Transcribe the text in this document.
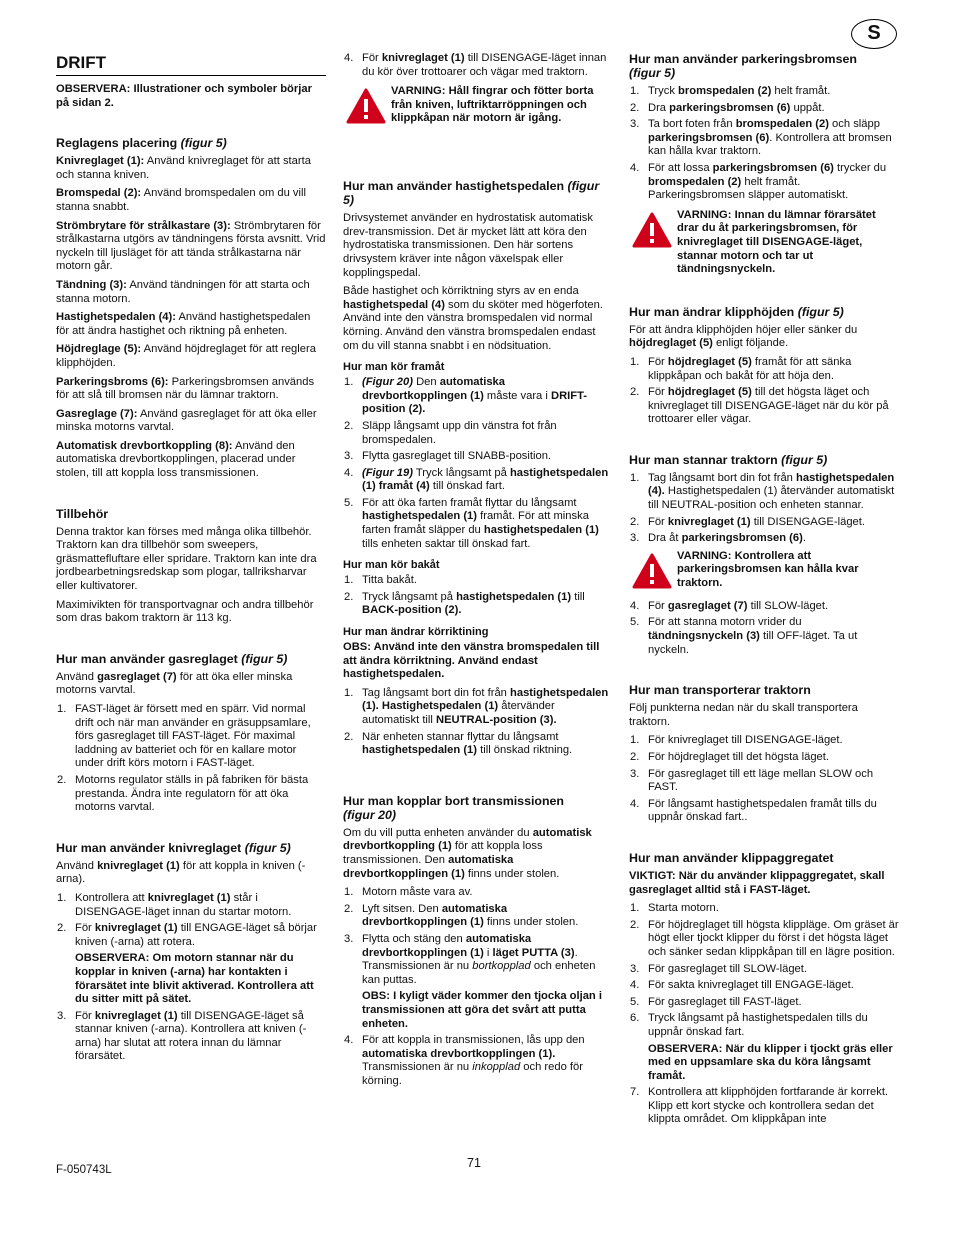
S
DRIFT

OBSERVERA: Illustrationer och symboler börjar på sidan 2.

Reglagens placering (figur 5)

Knivreglaget (1): Använd knivreglaget för att starta och stanna kniven.

Bromspedal (2): Använd bromspedalen om du vill stanna snabbt.

Strömbrytare för strålkastare (3): Strömbrytaren för strålkastarna utgörs av tändningens första avsnitt. Vrid nyckeln till ljusläget för att tända strålkastarna när motorn går.

Tändning (3): Använd tändningen för att starta och stanna motorn.

Hastighetspedalen (4): Använd hastighetspedalen för att ändra hastighet och riktning på enheten.

Höjdreglage (5): Använd höjdreglaget för att reglera klipphöjden.

Parkeringsbroms (6): Parkeringsbromsen används för att slå till bromsen när du lämnar traktorn.

Gasreglage (7): Använd gasreglaget för att öka eller minska motorns varvtal.

Automatisk drevbortkoppling (8): Använd den automatiska drevbortkopplingen, placerad under stolen, till att koppla loss transmissionen.

Tillbehör

Denna traktor kan förses med många olika tillbehör. Traktorn kan dra tillbehör som sweepers, gräsmattefluftare eller spridare. Traktorn kan inte dra jordbearbetningsredskap som plogar, tallriksharvar eller kultivatorer.

Maximivikten för transportvagnar och andra tillbehör som dras bakom traktorn är 113 kg.

Hur man använder gasreglaget (figur 5)

Använd gasreglaget (7) för att öka eller minska motorns varvtal.

1. FAST-läget är försett med en spärr. Vid normal drift och när man använder en gräsuppsamlare, förs gasreglaget till FAST-läget. För maximal laddning av batteriet och för en kallare motor under drift körs motorn i FAST-läget.
2. Motorns regulator ställs in på fabriken för bästa prestanda. Ändra inte regulatorn för att öka motorns varvtal.
Hur man använder knivreglaget (figur 5)

Använd knivreglaget (1) för att koppla in kniven (-arna).

1. Kontrollera att knivreglaget (1) står i DISENGAGE-läget innan du startar motorn.
2. För knivreglaget (1) till ENGAGE-läget så börjar kniven (-arna) att rotera.
OBSERVERA: Om motorn stannar när du kopplar in kniven (-arna) har kontakten i förarsätet inte blivit aktiverad. Kontrollera att du sitter mitt på sätet.
3. För knivreglaget (1) till DISENGAGE-läget så stannar kniven (-arna). Kontrollera att kniven (-arna) har slutat att rotera innan du lämnar förarsätet.
4. För knivreglaget (1) till DISENGAGE-läget innan du kör över trottoarer och vägar med traktorn.
VARNING: Håll fingrar och fötter borta från kniven, luftriktarröppningen och klippkåpan när motorn är igång.
Hur man använder hastighetspedalen (figur 5)

Drivsystemet använder en hydrostatisk automatisk drev-transmission. Det är mycket lätt att köra den hydrostatiska transmissionen. Den här sortens drivsystem kräver inte någon växelspak eller kopplingspedal.

Både hastighet och körriktning styrs av en enda hastighetspedal (4) som du sköter med högerfoten. Använd inte den vänstra bromspedalen vid normal körning. Använd den vänstra bromspedalen endast om du vill stanna snabbt i en nödsituation.

Hur man kör framåt
1. (Figur 20) Den automatiska drevbortkopplingen (1) måste vara i DRIFT-position (2).
2. Släpp långsamt upp din vänstra fot från bromspedalen.
3. Flytta gasreglaget till SNABB-position.
4. (Figur 19) Tryck långsamt på hastighetspedalen (1) framåt (4) till önskad fart.
5. För att öka farten framåt flyttar du långsamt hastighetspedalen (1) framåt. För att minska farten framåt släpper du hastighetspedalen (1) tills enheten saktar till önskad fart.
Hur man kör bakåt
1. Titta bakåt.
2. Tryck långsamt på hastighetspedalen (1) till BACK-position (2).
Hur man ändrar körriktining

OBS: Använd inte den vänstra bromspedalen till att ändra körriktning. Använd endast hastighetspedalen.

1. Tag långsamt bort din fot från hastighetspedalen (1). Hastighetspedalen (1) återvänder automatiskt till NEUTRAL-position (3).
2. När enheten stannar flyttar du långsamt hastighetspedalen (1) till önskad riktning.
Hur man kopplar bort transmissionen
(figur 20)

Om du vill putta enheten använder du automatisk drevbortkoppling (1) för att koppla loss transmissionen. Den automatiska drevbortkopplingen (1) finns under stolen.

1. Motorn måste vara av.
2. Lyft sitsen. Den automatiska drevbortkopplingen (1) finns under stolen.
3. Flytta och stäng den automatiska drevbortkopplingen (1) i läget PUTTA (3). Transmissionen är nu bortkopplad och enheten kan puttas.
OBS: I kyligt väder kommer den tjocka oljan i transmissionen att göra det svårt att putta enheten.
4. För att koppla in transmissionen, lås upp den automatiska drevbortkopplingen (1). Transmissionen är nu inkopplad och redo för körning.
Hur man använder parkeringsbromsen
(figur 5)
1. Tryck bromspedalen (2) helt framåt.
2. Dra parkeringsbromsen (6) uppåt.
3. Ta bort foten från bromspedalen (2) och släpp parkeringsbromsen (6). Kontrollera att bromsen kan hålla kvar traktorn.
4. För att lossa parkeringsbromsen (6) trycker du bromspedalen (2) helt framåt. Parkeringsbromsen släpper automatiskt.
VARNING: Innan du lämnar förarsätet drar du åt parkeringsbromsen, för knivreglaget till DISENGAGE-läget, stannar motorn och tar ut tändningsnyckeln.
Hur man ändrar klipphöjden (figur 5)

För att ändra klipphöjden höjer eller sänker du höjdreglaget (5) enligt följande.

1. För höjdreglaget (5) framåt för att sänka klippkåpan och bakåt för att höja den.
2. För höjdreglaget (5) till det högsta läget och knivreglaget till DISENGAGE-läget när du kör på trottoarer eller vägar.
Hur man stannar traktorn (figur 5)
1. Tag långsamt bort din fot från hastighetspedalen (4). Hastighetspedalen (1) återvänder automatiskt till NEUTRAL-position och enheten stannar.
2. För knivreglaget (1) till DISENGAGE-läget.
3. Dra åt parkeringsbromsen (6).
VARNING: Kontrollera att parkeringsbromsen kan hålla kvar traktorn.
4. För gasreglaget (7) till SLOW-läget.
5. För att stanna motorn vrider du tändningsnyckeln (3) till OFF-läget. Ta ut nyckeln.
Hur man transporterar traktorn

Följ punkterna nedan när du skall transportera traktorn.

1. För knivreglaget till DISENGAGE-läget.
2. För höjdreglaget till det högsta läget.
3. För gasreglaget till ett läge mellan SLOW och FAST.
4. För långsamt hastighetspedalen framåt tills du uppnår önskad fart..
Hur man använder klippaggregatet

VIKTIGT: När du använder klippaggregatet, skall gasreglaget alltid stå i FAST-läget.

1. Starta motorn.
2. För höjdreglaget till högsta klippläge. Om gräset är högt eller tjockt klipper du först i det högsta läget och sänker sedan klippkåpan till en lägre position.
3. För gasreglaget till SLOW-läget.
4. För sakta knivreglaget till ENGAGE-läget.
5. För gasreglaget till FAST-läget.
6. Tryck långsamt på hastighetspedalen tills du uppnår önskad fart.
OBSERVERA: När du klipper i tjockt gräs eller med en uppsamlare ska du köra långsamt framåt.
7. Kontrollera att klipphöjden fortfarande är korrekt. Klipp ett kort stycke och kontrollera sedan det klippta området. Om klippkåpan inte
F-050743L	71
